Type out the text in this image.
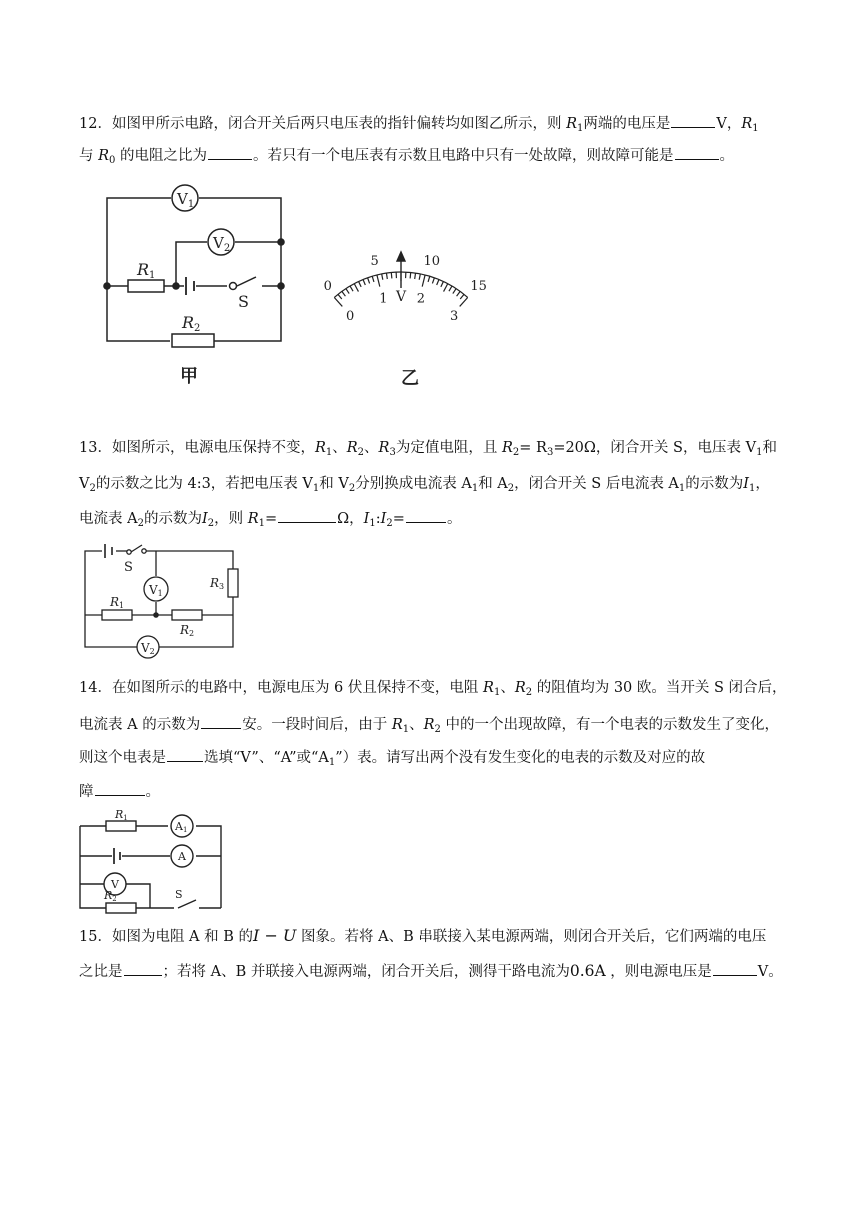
12．如图甲所示电路，闭合开关后两只电压表的指针偏转均如图乙所示，则 $R_1$两端的电压是	V，$R_1$
与 $R_0$ 的电阻之比为	。若只有一个电压表有示数且电路中只有一处故障，则故障可能是	。
$V_1$
$V_2$
R1
R2
S
甲
0
5	10
15
0
1 2
3
V
乙
13．如图所示，电源电压保持不变，$R_1$、$R_2$、$R_3$为定值电阻，且 $R_2= R_3=20\Omega$，闭合开关 S，电压表 $V_1$和
$V_2$的示数之比为 4:3，若把电压表 $V_1$和 $V_2$分别换成电流表 $A_1$和 $A_2$，闭合开关 S 后电流表 $A_1$的示数为$I_1$，
电流表 $A_2$的示数为$I_2$，则 $R_1=$	Ω，$I_1:I_2=$	。
S
V1
V2
R1
R2
R3
14．在如图所示的电路中，电源电压为 6 伏且保持不变，电阻 $R_1$、$R_2$ 的阻值均为 30 欧。当开关 S 闭合后，
电流表 A 的示数为	安。一段时间后，由于 $R_1$、$R_2$ 中的一个出现故障，有一个电表的示数发生了变化，
则这个电表是	选填“V”、“A”或“$A_1$”）表。请写出两个没有发生变化的电表的示数及对应的故
障	。
R1
A1
A
V
R2	S
15．如图为电阻 A 和 B 的I − U 图象。若将 A、B 串联接入某电源两端，则闭合开关后，它们两端的电压
之比是	；若将 A、B 并联接入电源两端，闭合开关后，测得干路电流为0.6A ，则电源电压是	V。
